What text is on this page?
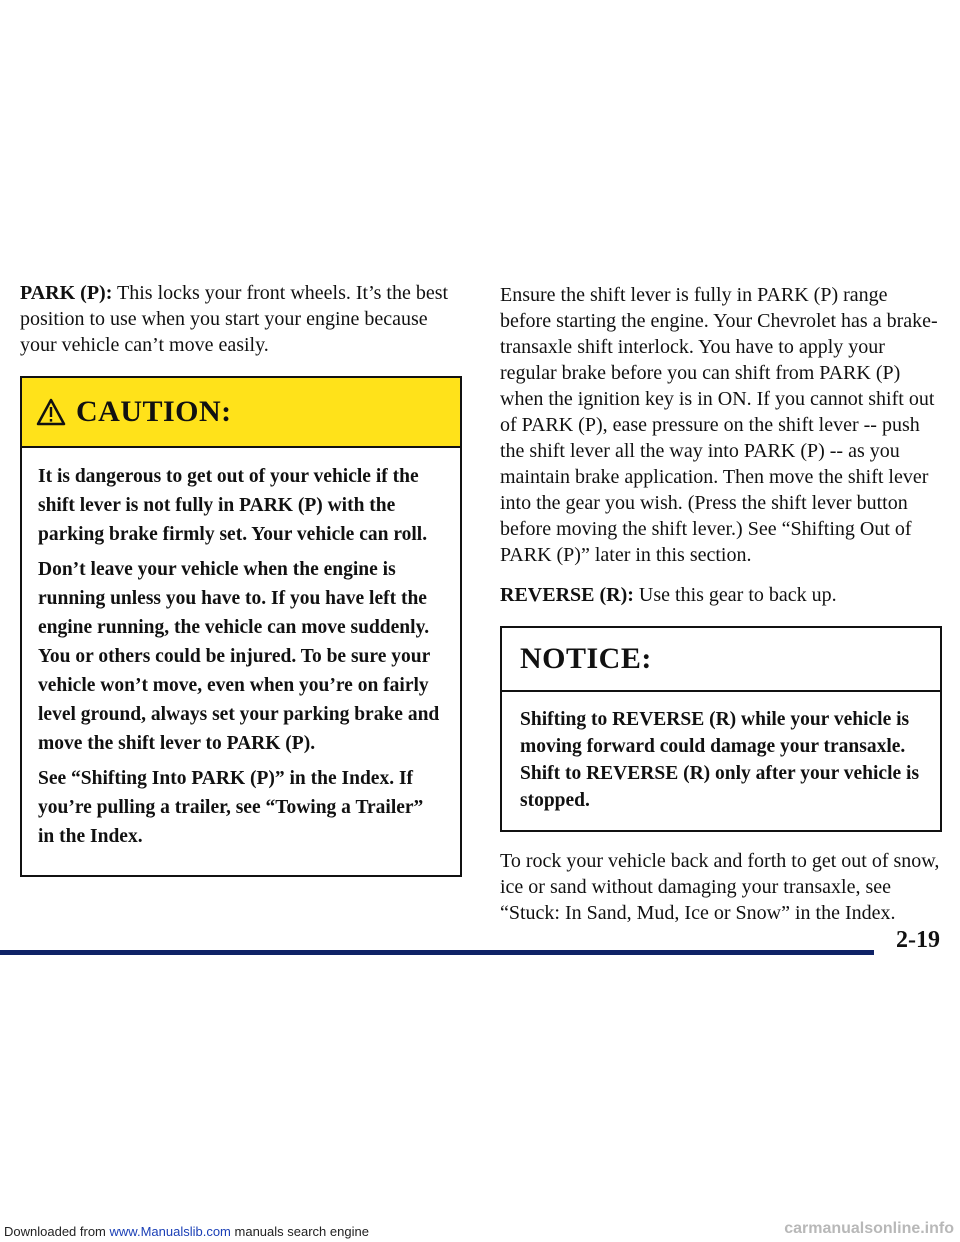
PARK (P): This locks your front wheels. It’s the best position to use when you start your engine because your vehicle can’t move easily.

CAUTION:

It is dangerous to get out of your vehicle if the shift lever is not fully in PARK (P) with the parking brake firmly set. Your vehicle can roll.

Don’t leave your vehicle when the engine is running unless you have to. If you have left the engine running, the vehicle can move suddenly. You or others could be injured. To be sure your vehicle won’t move, even when you’re on fairly level ground, always set your parking brake and move the shift lever to PARK (P).

See “Shifting Into PARK (P)” in the Index. If you’re pulling a trailer, see “Towing a Trailer” in the Index.

Ensure the shift lever is fully in PARK (P) range before starting the engine. Your Chevrolet has a brake-transaxle shift interlock. You have to apply your regular brake before you can shift from PARK (P) when the ignition key is in ON. If you cannot shift out of PARK (P), ease pressure on the shift lever -- push the shift lever all the way into PARK (P) -- as you maintain brake application. Then move the shift lever into the gear you wish. (Press the shift lever button before moving the shift lever.) See “Shifting Out of PARK (P)” later in this section.

REVERSE (R): Use this gear to back up.

NOTICE:

Shifting to REVERSE (R) while your vehicle is moving forward could damage your transaxle. Shift to REVERSE (R) only after your vehicle is stopped.

To rock your vehicle back and forth to get out of snow, ice or sand without damaging your transaxle, see “Stuck: In Sand, Mud, Ice or Snow” in the Index.

2-19
Downloaded from www.Manualslib.com manuals search engine	carmanualsonline.info
